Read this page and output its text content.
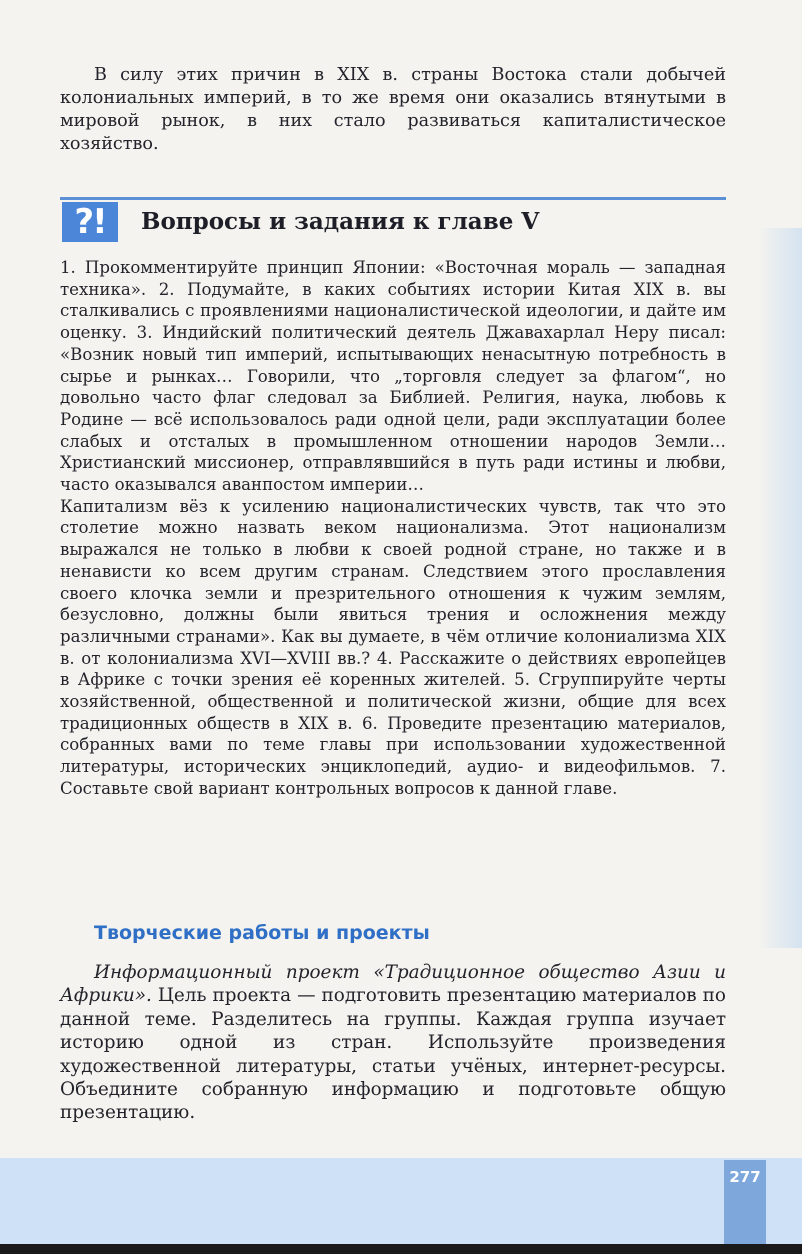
В силу этих причин в XIX в. страны Востока стали добычей колониальных империй, в то же время они оказались втянутыми в мировой рынок, в них стало развиваться капиталистическое хозяйство.

?!	Вопросы и задания к главе V

1. Прокомментируйте принцип Японии: «Восточная мораль — западная техника». 2. Подумайте, в каких событиях истории Китая XIX в. вы сталкивались с проявлениями националистической идеологии, и дайте им оценку. 3. Индийский политический деятель Джавахарлал Неру писал: «Возник новый тип империй, испытывающих ненасытную потребность в сырье и рынках… Говорили, что „торговля следует за флагом“, но довольно часто флаг следовал за Библией. Религия, наука, любовь к Родине — всё использовалось ради одной цели, ради эксплуатации более слабых и отсталых в промышленном отношении народов Земли… Христианский миссионер, отправлявшийся в путь ради истины и любви, часто оказывался аванпостом империи…

Капитализм вёз к усилению националистических чувств, так что это столетие можно назвать веком национализма. Этот национализм выражался не только в любви к своей родной стране, но также и в ненависти ко всем другим странам. Следствием этого прославления своего клочка земли и презрительного отношения к чужим землям, безусловно, должны были явиться трения и осложнения между различными странами». Как вы думаете, в чём отличие колониализма XIX в. от колониализма XVI—XVIII вв.? 4. Расскажите о действиях европейцев в Африке с точки зрения её коренных жителей. 5. Сгруппируйте черты хозяйственной, общественной и политической жизни, общие для всех традиционных обществ в XIX в. 6. Проведите презентацию материалов, собранных вами по теме главы при использовании художественной литературы, исторических энциклопедий, аудио- и видеофильмов. 7. Составьте свой вариант контрольных вопросов к данной главе.

Творческие работы и проекты

Информационный проект «Традиционное общество Азии и Африки». Цель проекта — подготовить презентацию материалов по данной теме. Разделитесь на группы. Каждая группа изучает историю одной из стран. Используйте произведения художественной литературы, статьи учёных, интернет-ресурсы. Объедините собранную информацию и подготовьте общую презентацию.

277
